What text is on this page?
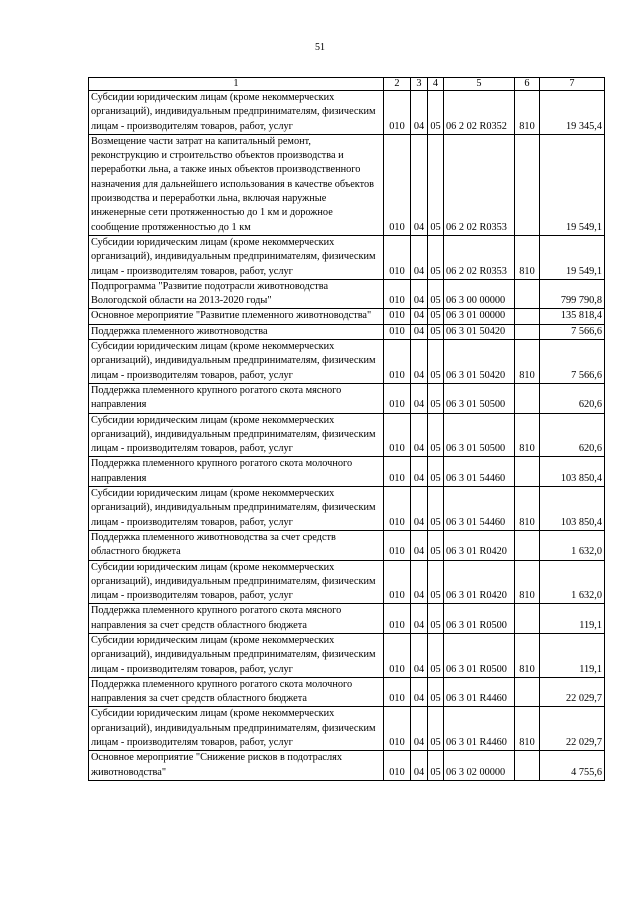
51
1	2	3	4	5	6	7
Субсидии юридическим лицам (кроме некоммерческих организаций), индивидуальным предпринимателям, физическим лицам - производителям товаров, работ, услуг	010	04	05	06 2 02 R0352	810	19 345,4
Возмещение части затрат на капитальный ремонт, реконструкцию и строительство объектов производства и переработки льна, а также иных объектов производственного назначения для дальнейшего использования в качестве объектов производства и переработки льна, включая наружные инженерные сети протяженностью до 1 км и дорожное сообщение протяженностью до 1 км	010	04	05	06 2 02 R0353		19 549,1
Субсидии юридическим лицам (кроме некоммерческих организаций), индивидуальным предпринимателям, физическим лицам - производителям товаров, работ, услуг	010	04	05	06 2 02 R0353	810	19 549,1
Подпрограмма "Развитие подотрасли животноводства Вологодской области на 2013-2020 годы"	010	04	05	06 3 00 00000		799 790,8
Основное мероприятие "Развитие племенного животноводства"	010	04	05	06 3 01 00000		135 818,4
Поддержка племенного животноводства	010	04	05	06 3 01 50420		7 566,6
Субсидии юридическим лицам (кроме некоммерческих организаций), индивидуальным предпринимателям, физическим лицам - производителям товаров, работ, услуг	010	04	05	06 3 01 50420	810	7 566,6
Поддержка племенного крупного рогатого скота мясного направления	010	04	05	06 3 01 50500		620,6
Субсидии юридическим лицам (кроме некоммерческих организаций), индивидуальным предпринимателям, физическим лицам - производителям товаров, работ, услуг	010	04	05	06 3 01 50500	810	620,6
Поддержка племенного крупного рогатого скота молочного направления	010	04	05	06 3 01 54460		103 850,4
Субсидии юридическим лицам (кроме некоммерческих организаций), индивидуальным предпринимателям, физическим лицам - производителям товаров, работ, услуг	010	04	05	06 3 01 54460	810	103 850,4
Поддержка племенного животноводства за счет средств областного бюджета	010	04	05	06 3 01 R0420		1 632,0
Субсидии юридическим лицам (кроме некоммерческих организаций), индивидуальным предпринимателям, физическим лицам - производителям товаров, работ, услуг	010	04	05	06 3 01 R0420	810	1 632,0
Поддержка племенного крупного рогатого скота мясного направления за счет средств областного бюджета	010	04	05	06 3 01 R0500		119,1
Субсидии юридическим лицам (кроме некоммерческих организаций), индивидуальным предпринимателям, физическим лицам - производителям товаров, работ, услуг	010	04	05	06 3 01 R0500	810	119,1
Поддержка племенного крупного рогатого скота молочного направления за счет средств областного бюджета	010	04	05	06 3 01 R4460		22 029,7
Субсидии юридическим лицам (кроме некоммерческих организаций), индивидуальным предпринимателям, физическим лицам - производителям товаров, работ, услуг	010	04	05	06 3 01 R4460	810	22 029,7
Основное мероприятие "Снижение рисков в подотраслях животноводства"	010	04	05	06 3 02 00000		4 755,6
